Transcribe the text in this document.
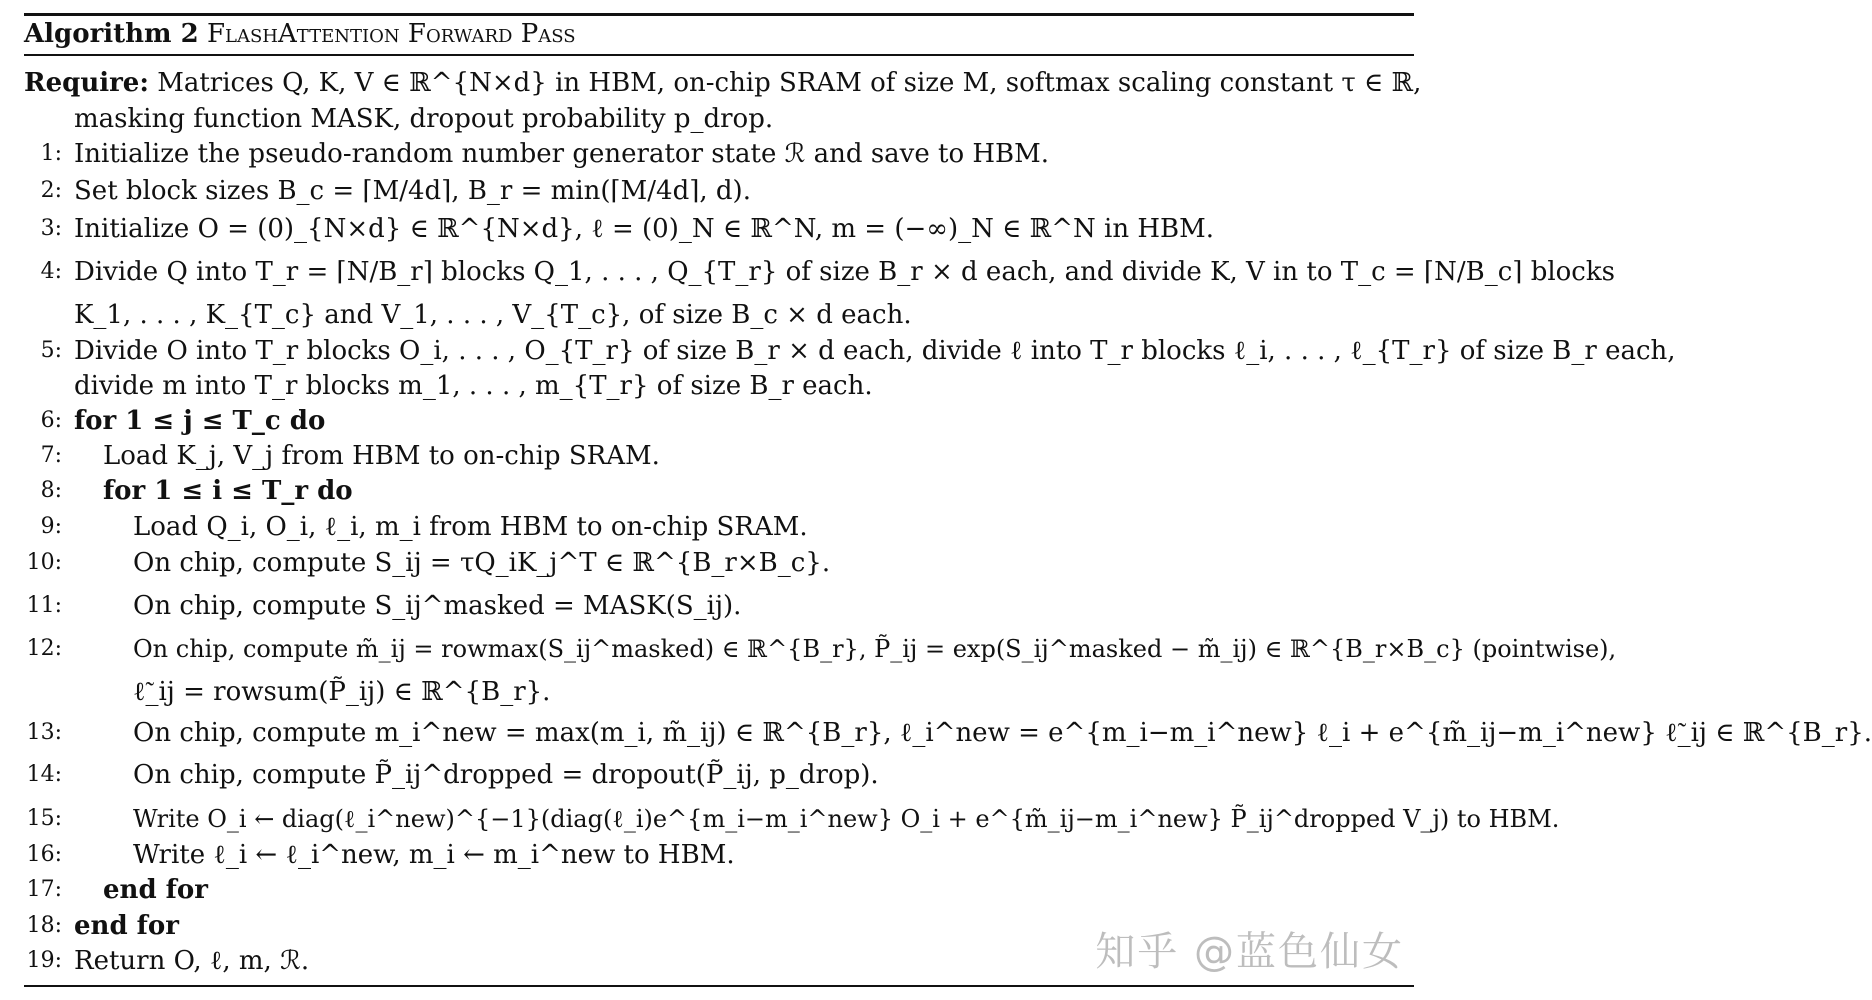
Algorithm 2 FlashAttention Forward Pass
Require: Matrices Q, K, V ∈ ℝ^{N×d} in HBM, on-chip SRAM of size M, softmax scaling constant τ ∈ ℝ,
masking function MASK, dropout probability p_drop.
1: Initialize the pseudo-random number generator state ℛ and save to HBM.
2: Set block sizes B_c = ⌈M/4d⌉, B_r = min(⌈M/4d⌉, d).
3: Initialize O = (0)_{N×d} ∈ ℝ^{N×d}, ℓ = (0)_N ∈ ℝ^N, m = (−∞)_N ∈ ℝ^N in HBM.
4: Divide Q into T_r = ⌈N/B_r⌉ blocks Q_1, . . . , Q_{T_r} of size B_r × d each, and divide K, V in to T_c = ⌈N/B_c⌉ blocks
K_1, . . . , K_{T_c} and V_1, . . . , V_{T_c}, of size B_c × d each.
5: Divide O into T_r blocks O_i, . . . , O_{T_r} of size B_r × d each, divide ℓ into T_r blocks ℓ_i, . . . , ℓ_{T_r} of size B_r each,
divide m into T_r blocks m_1, . . . , m_{T_r} of size B_r each.
6: for 1 ≤ j ≤ T_c do
7: Load K_j, V_j from HBM to on-chip SRAM.
8: for 1 ≤ i ≤ T_r do
9:	Load Q_i, O_i, ℓ_i, m_i from HBM to on-chip SRAM.
10:	On chip, compute S_ij = τQ_iK_j^T ∈ ℝ^{B_r×B_c}.
11:	On chip, compute S_ij^masked = MASK(S_ij).
12:	On chip, compute m̃_ij = rowmax(S_ij^masked) ∈ ℝ^{B_r}, P̃_ij = exp(S_ij^masked − m̃_ij) ∈ ℝ^{B_r×B_c} (pointwise),
ℓ̃_ij = rowsum(P̃_ij) ∈ ℝ^{B_r}.
13:	On chip, compute m_i^new = max(m_i, m̃_ij) ∈ ℝ^{B_r}, ℓ_i^new = e^{m_i−m_i^new} ℓ_i + e^{m̃_ij−m_i^new} ℓ̃_ij ∈ ℝ^{B_r}.
14:	On chip, compute P̃_ij^dropped = dropout(P̃_ij, p_drop).
15:	Write O_i ← diag(ℓ_i^new)^{−1}(diag(ℓ_i)e^{m_i−m_i^new} O_i + e^{m̃_ij−m_i^new} P̃_ij^dropped V_j) to HBM.
16:	Write ℓ_i ← ℓ_i^new, m_i ← m_i^new to HBM.
17: end for
18: end for
19: Return O, ℓ, m, ℛ.	知乎 @蓝色仙女
